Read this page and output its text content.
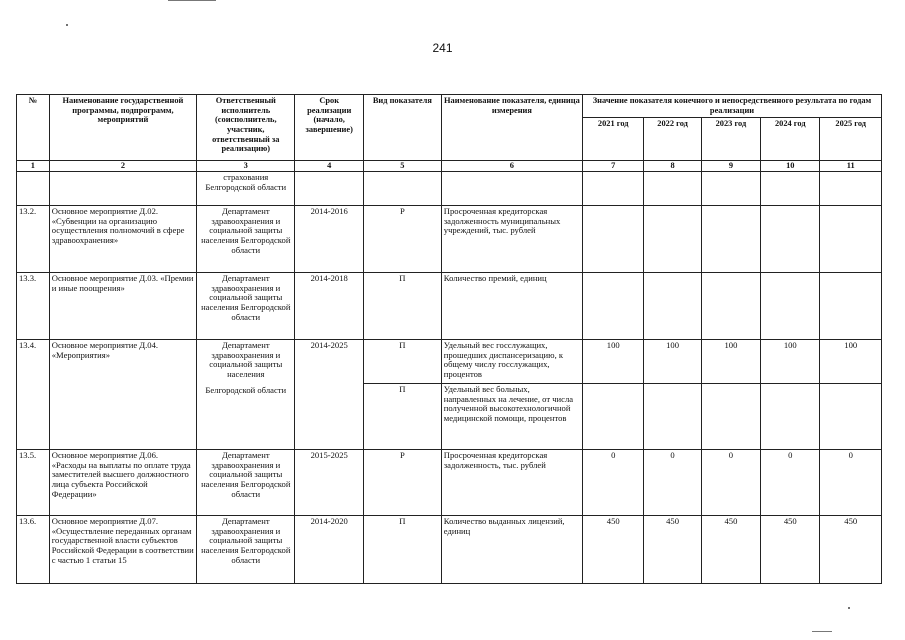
241
№	Наименование государственной программы, подпрограмм, мероприятий	Ответственный исполнитель (соисполнитель, участник, ответственный за реализацию)	Срок реализации (начало, завершение)	Вид показателя	Наименование показателя, единица измерения	Значение показателя конечного и непосредственного результата по годам реализации				
						2021 год	2022 год	2023 год	2024 год	2025 год
1	2	3	4	5	6	7	8	9	10	11
		страхования Белгородской области								
13.2.	Основное мероприятие Д.02. «Субвенции на организацию осуществления полномочий в сфере здравоохранения»	Департамент здравоохранения и социальной защиты населения Белгородской области	2014-2016	Р	Просроченная кредиторская задолженность муниципальных учреждений, тыс. рублей					
13.3.	Основное мероприятие Д.03. «Премии и иные поощрения»	Департамент здравоохранения и социальной защиты населения Белгородской области	2014-2018	П	Количество премий, единиц					
13.4.	Основное мероприятие Д.04. «Мероприятия»	Департамент здравоохранения и социальной защиты населения
Белгородской области	2014-2025	П	Удельный вес госслужащих, прошедших диспансеризацию, к общему числу госслужащих, процентов	100	100	100	100	100
				П	Удельный вес больных, направленных на лечение, от числа полученной высокотехнологичной медицинской помощи, процентов					
13.5.	Основное мероприятие Д.06. «Расходы на выплаты по оплате труда заместителей высшего должностного лица субъекта Российской Федерации»	Департамент здравоохранения и социальной защиты населения Белгородской области	2015-2025	Р	Просроченная кредиторская задолженность, тыс. рублей	0	0	0	0	0
13.6.	Основное мероприятие Д.07. «Осуществление переданных органам государственной власти субъектов Российской Федерации в соответствии с частью 1 статьи 15	Департамент здравоохранения и социальной защиты населения Белгородской области	2014-2020	П	Количество выданных лицензий, единиц	450	450	450	450	450
